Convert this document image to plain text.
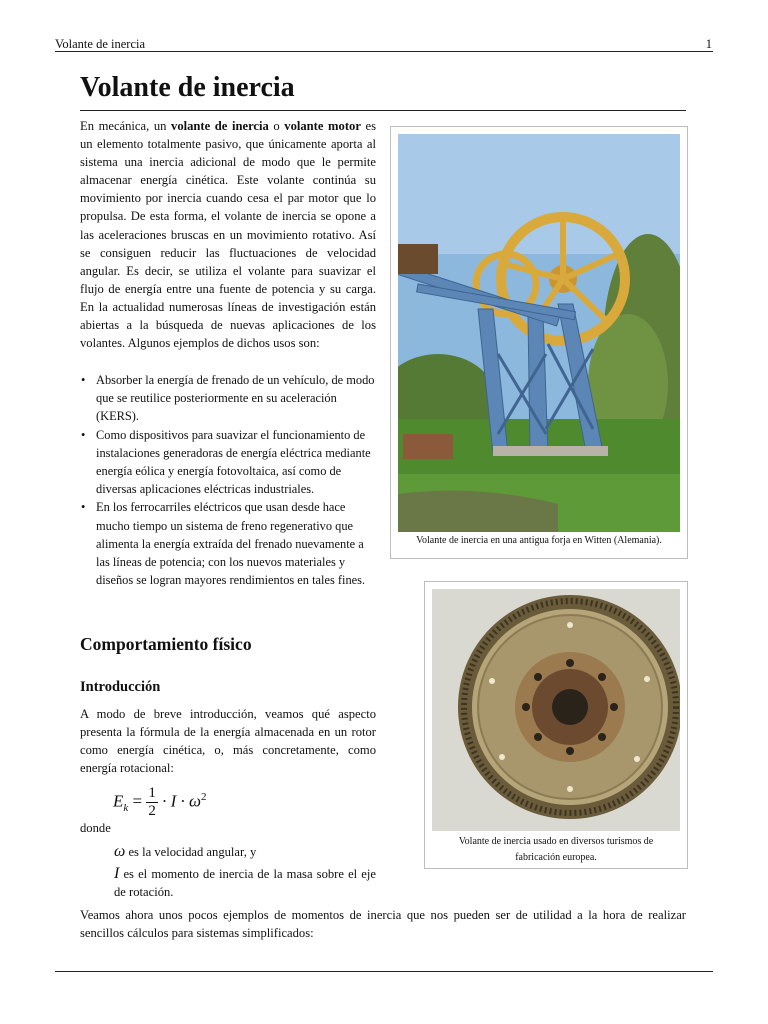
Volante de inercia	1
Volante de inercia

En mecánica, un volante de inercia o volante motor es un elemento totalmente pasivo, que únicamente aporta al sistema una inercia adicional de modo que le permite almacenar energía cinética. Este volante continúa su movimiento por inercia cuando cesa el par motor que lo propulsa. De esta forma, el volante de inercia se opone a las aceleraciones bruscas en un movimiento rotativo. Así se consiguen reducir las fluctuaciones de velocidad angular. Es decir, se utiliza el volante para suavizar el flujo de energía entre una fuente de potencia y su carga. En la actualidad numerosas líneas de investigación están abiertas a la búsqueda de nuevas aplicaciones de los volantes. Algunos ejemplos de dichos usos son:

• Absorber la energía de frenado de un vehículo, de modo que se reutilice posteriormente en su aceleración (KERS).
• Como dispositivos para suavizar el funcionamiento de instalaciones generadoras de energía eléctrica mediante energía eólica y energía fotovoltaica, así como de diversas aplicaciones eléctricas industriales.
• En los ferrocarriles eléctricos que usan desde hace mucho tiempo un sistema de freno regenerativo que alimenta la energía extraída del frenado nuevamente a las líneas de potencia; con los nuevos materiales y diseños se logran mayores rendimientos en tales fines.
Volante de inercia en una antigua forja en Witten (Alemania).
Volante de inercia usado en diversos turismos de
fabricación europea.
Comportamiento físico
Introducción

A modo de breve introducción, veamos qué aspecto presenta la fórmula de la energía almacenada en un rotor como energía cinética, o, más concretamente, como energía rotacional:

$E_k = \frac{1}{2} \cdot I \cdot \omega^2$
donde
ω es la velocidad angular, y
I es el momento de inercia de la masa sobre el eje de rotación.

Veamos ahora unos pocos ejemplos de momentos de inercia que nos pueden ser de utilidad a la hora de realizar sencillos cálculos para sistemas simplificados:
